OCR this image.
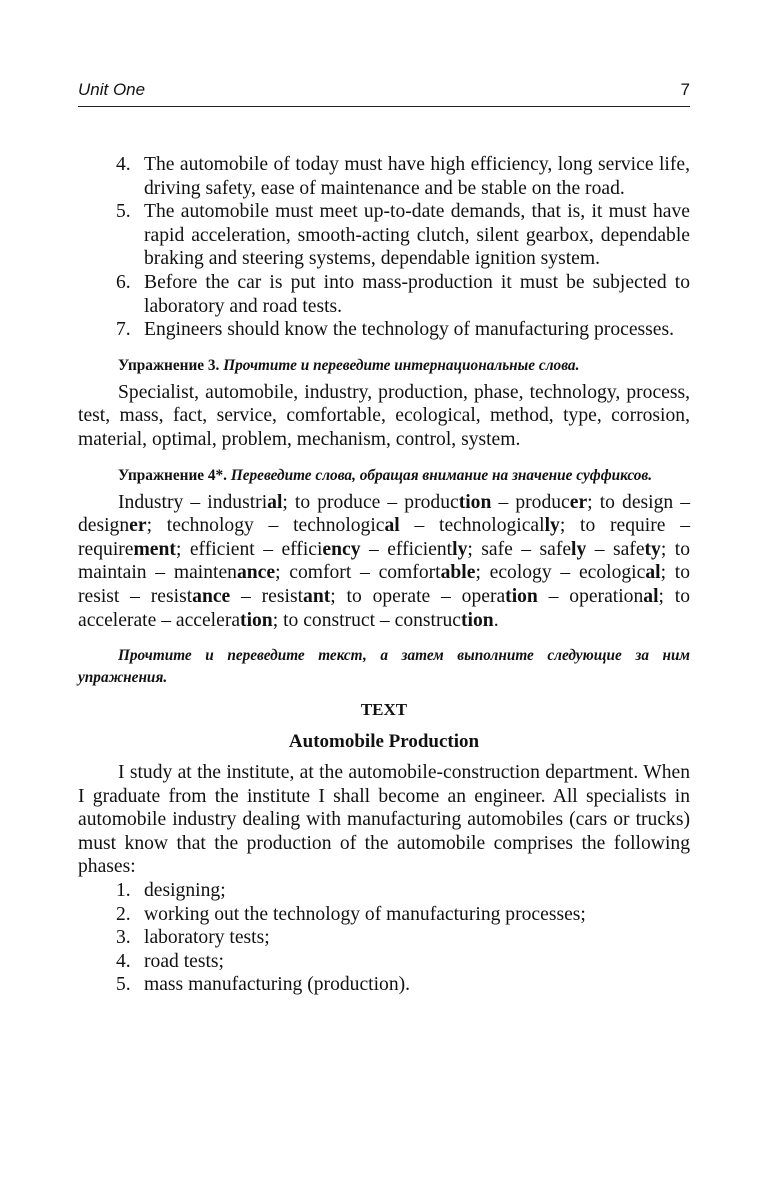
Unit One	7
4. The automobile of today must have high efficiency, long service life, driving safety, ease of maintenance and be stable on the road.
5. The automobile must meet up-to-date demands, that is, it must have rapid acceleration, smooth-acting clutch, silent gearbox, dependable braking and steering systems, dependable ignition system.
6. Before the car is put into mass-production it must be subjected to laboratory and road tests.
7. Engineers should know the technology of manufacturing processes.
Упражнение 3. Прочтите и переведите интернациональные слова.

Specialist, automobile, industry, production, phase, technology, process, test, mass, fact, service, comfortable, ecological, method, type, corrosion, material, optimal, problem, mechanism, control, system.

Упражнение 4*. Переведите слова, обращая внимание на значение суффиксов.

Industry – industrial; to produce – production – producer; to design – designer; technology – technological – technologically; to require – requirement; efficient – efficiency – efficiently; safe – safely – safety; to maintain – maintenance; comfort – comfortable; ecology – ecological; to resist – resistance – resistant; to operate – operation – operational; to accelerate – acceleration; to construct – construction.

Прочтите и переведите текст, а затем выполните следующие за ним упражнения.
TEXT
Automobile Production

I study at the institute, at the automobile-construction department. When I graduate from the institute I shall become an engineer. All specialists in automobile industry dealing with manufacturing automobiles (cars or trucks) must know that the production of the automobile comprises the following phases:

1. designing;
2. working out the technology of manufacturing processes;
3. laboratory tests;
4. road tests;
5. mass manufacturing (production).
